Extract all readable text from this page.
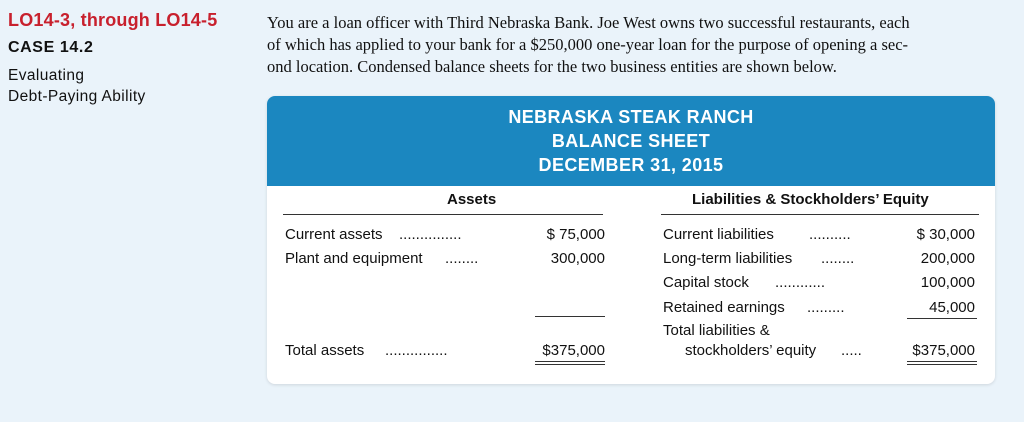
LO14-3, through LO14-5
CASE 14.2
Evaluating
Debt-Paying Ability
You are a loan officer with Third Nebraska Bank. Joe West owns two successful restaurants, each
of which has applied to your bank for a $250,000 one-year loan for the purpose of opening a sec-
ond location. Condensed balance sheets for the two business entities are shown below.
NEBRASKA STEAK RANCH
BALANCE SHEET
DECEMBER 31, 2015
Assets	Liabilities & Stockholders’ Equity
Current assets ...............	$ 75,000
Plant and equipment ........	300,000
Total assets ...............	$375,000
Current liabilities ..........	$ 30,000
Long-term liabilities ........	200,000
Capital stock ............	100,000
Retained earnings .........	45,000
Total liabilities &
stockholders’ equity .....	$375,000
